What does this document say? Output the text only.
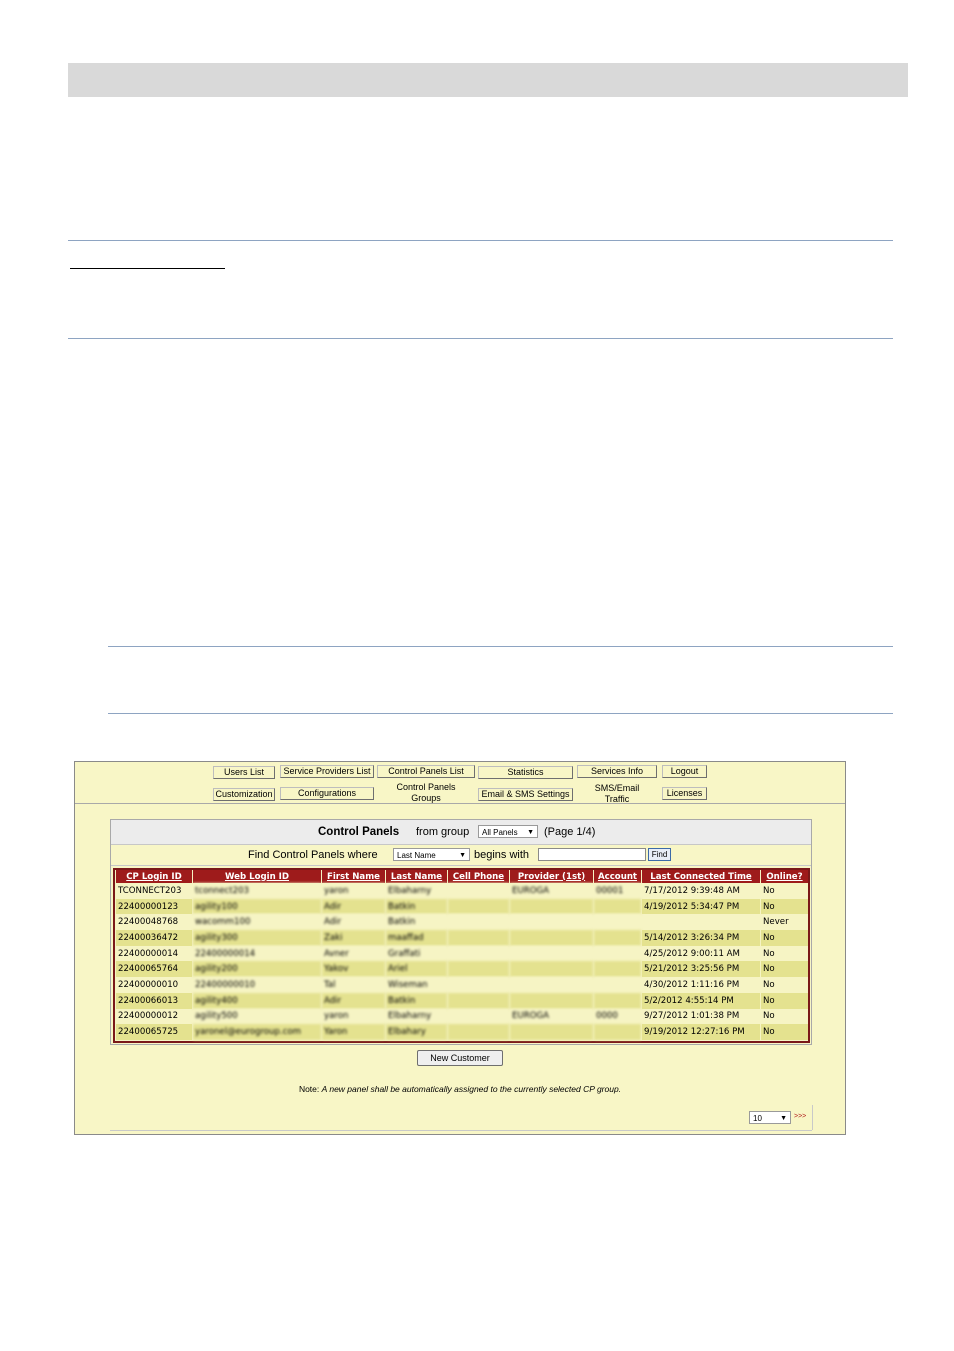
Users List	Service Providers List	Control Panels List	Statistics	Services Info	Logout
Customization	Configurations
Control Panels Groups	Email & SMS Settings
SMS/Email Traffic
Licenses
Control Panels from group	All Panels ▼ (Page 1/4)
Find Control Panels where	Last Name	▼ begins with	Find
CP Login ID	Web Login ID	First Name	Last Name	Cell Phone	Provider (1st)	Account	Last Connected Time	Online?
TCONNECT203	tconnect203	yaron	Elbaharny		EUROGA	00001	7/17/2012 9:39:48 AM	No
22400000123	agility100	Adir	Batkin				4/19/2012 5:34:47 PM	No
22400048768	wacomm100	Adir	Batkin					Never
22400036472	agility300	Zaki	maaffad				5/14/2012 3:26:34 PM	No
22400000014	22400000014	Avner	Graffati				4/25/2012 9:00:11 AM	No
22400065764	agility200	Yakov	Ariel				5/21/2012 3:25:56 PM	No
22400000010	22400000010	Tal	Wiseman				4/30/2012 1:11:16 PM	No
22400066013	agility400	Adir	Batkin				5/2/2012 4:55:14 PM	No
22400000012	agility500	yaron	Elbaharny		EUROGA	0000	9/27/2012 1:01:38 PM	No
22400065725	yaronel@eurogroup.com	Yaron	Elbahary				9/19/2012 12:27:16 PM	No
New Customer
Note: A new panel shall be automatically assigned to the currently selected CP group.
10	▼ >>>
